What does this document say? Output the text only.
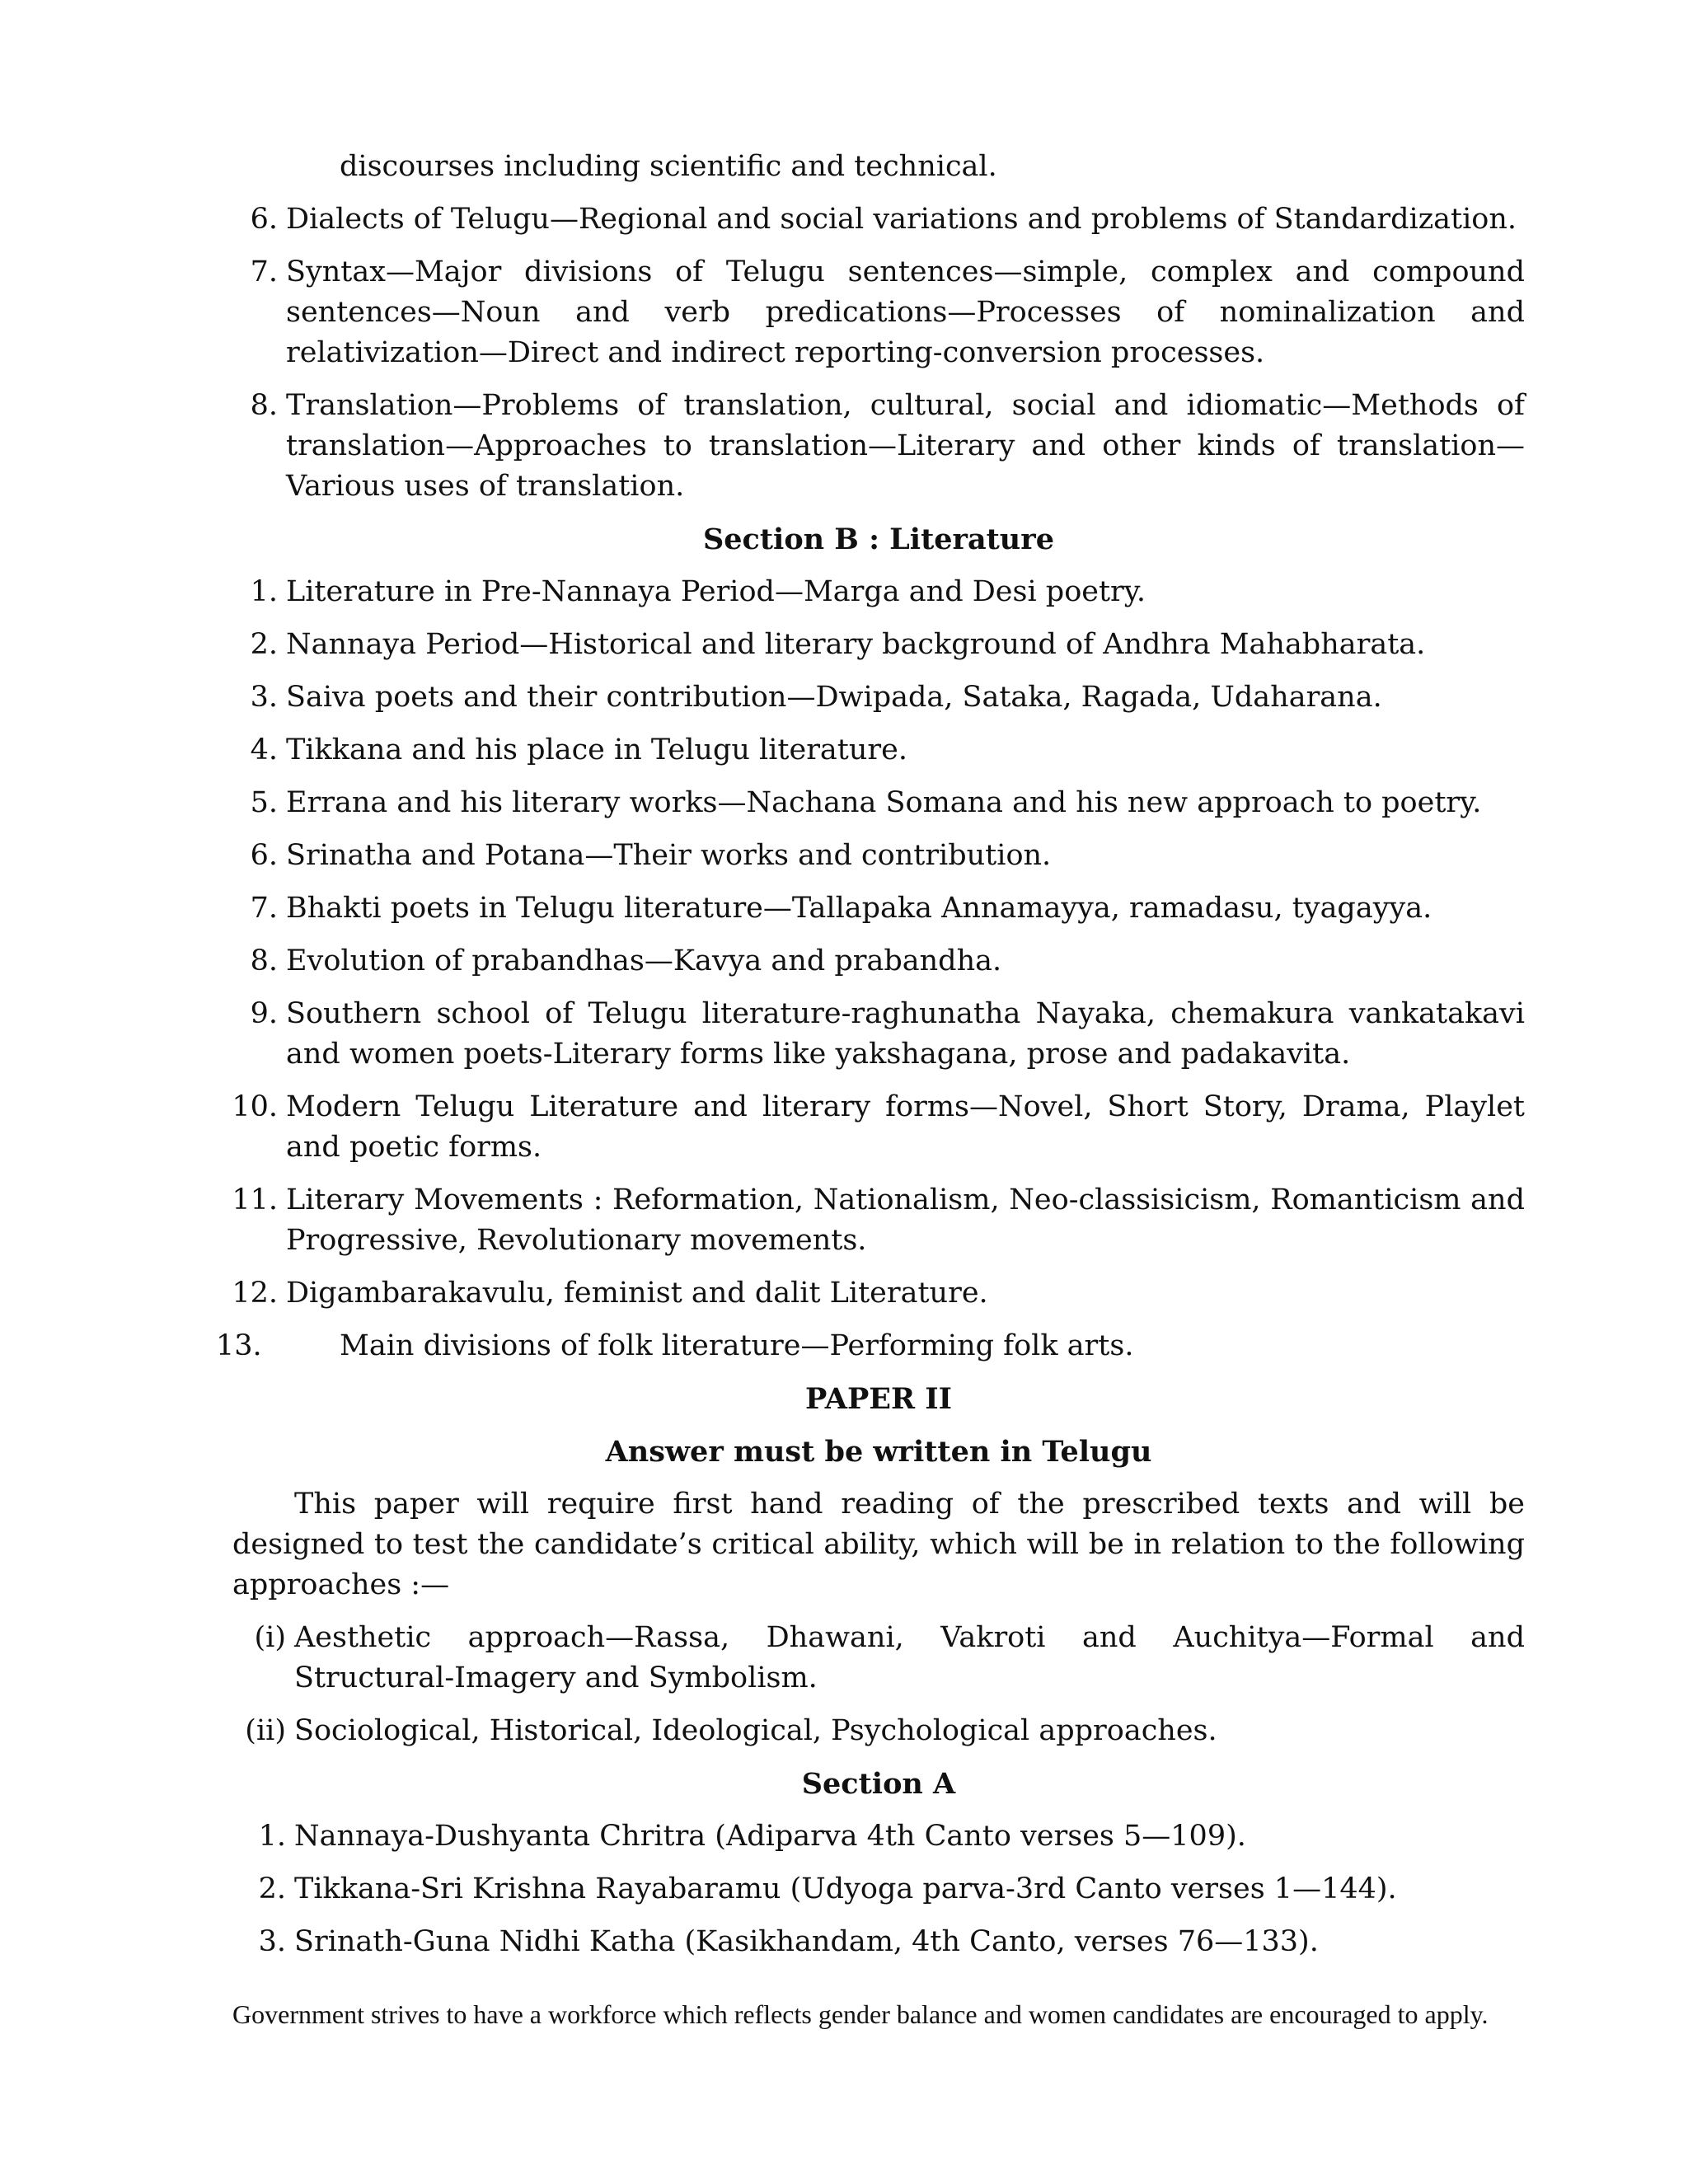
discourses including scientific and technical.
6. Dialects of Telugu—Regional and social variations and problems of Standardization.
7. Syntax—Major divisions of Telugu sentences—simple, complex and compound sentences—Noun and verb predications—Processes of nominalization and relativization—Direct and indirect reporting-conversion processes.
8. Translation—Problems of translation, cultural, social and idiomatic—Methods of translation—Approaches to translation—Literary and other kinds of translation—Various uses of translation.
Section B : Literature
1. Literature in Pre-Nannaya Period—Marga and Desi poetry.
2. Nannaya Period—Historical and literary background of Andhra Mahabharata.
3. Saiva poets and their contribution—Dwipada, Sataka, Ragada, Udaharana.
4. Tikkana and his place in Telugu literature.
5. Errana and his literary works—Nachana Somana and his new approach to poetry.
6. Srinatha and Potana—Their works and contribution.
7. Bhakti poets in Telugu literature—Tallapaka Annamayya, ramadasu, tyagayya.
8. Evolution of prabandhas—Kavya and prabandha.
9. Southern school of Telugu literature-raghunatha Nayaka, chemakura vankatakavi and women poets-Literary forms like yakshagana, prose and padakavita.
10. Modern Telugu Literature and literary forms—Novel, Short Story, Drama, Playlet and poetic forms.
11. Literary Movements : Reformation, Nationalism, Neo-classisicism, Romanticism and Progressive, Revolutionary movements.
12. Digambarakavulu, feminist and dalit Literature.
13.	Main divisions of folk literature—Performing folk arts.
PAPER II
Answer must be written in Telugu
This paper will require first hand reading of the prescribed texts and will be designed to test the candidate’s critical ability, which will be in relation to the following approaches :—
(i) Aesthetic approach—Rassa, Dhawani, Vakroti and Auchitya—Formal and Structural-Imagery and Symbolism.
(ii) Sociological, Historical, Ideological, Psychological approaches.
Section A
1. Nannaya-Dushyanta Chritra (Adiparva 4th Canto verses 5—109).
2. Tikkana-Sri Krishna Rayabaramu (Udyoga parva-3rd Canto verses 1—144).
3. Srinath-Guna Nidhi Katha (Kasikhandam, 4th Canto, verses 76—133).
Government strives to have a workforce which reflects gender balance and women candidates are encouraged to apply.
